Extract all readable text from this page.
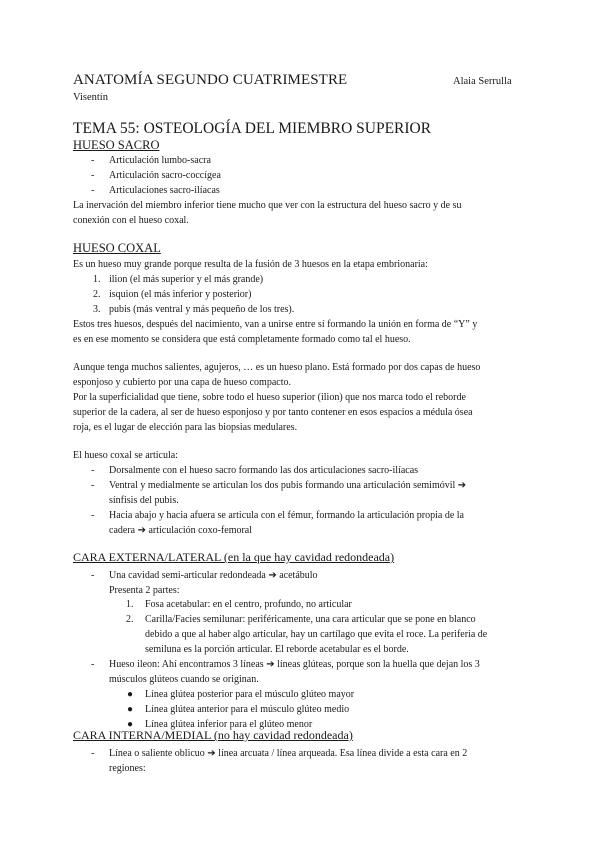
ANATOMÍA SEGUNDO CUATRIMESTRE	Alaia Serrulla
Visentín
TEMA 55: OSTEOLOGÍA DEL MIEMBRO SUPERIOR
HUESO SACRO
- Articulación lumbo-sacra
- Articulación sacro-coccígea
- Articulaciones sacro-ilíacas
La inervación del miembro inferior tiene mucho que ver con la estructura del hueso sacro y de su
conexión con el hueso coxal.
HUESO COXAL
Es un hueso muy grande porque resulta de la fusión de 3 huesos en la etapa embrionaria:
1. ilion (el más superior y el más grande)
2. isquion (el más inferior y posterior)
3. pubis (más ventral y más pequeño de los tres).
Estos tres huesos, después del nacimiento, van a unirse entre sí formando la unión en forma de “Y” y
es en ese momento se considera que está completamente formado como tal el hueso.
Aunque tenga muchos salientes, agujeros, … es un hueso plano. Está formado por dos capas de hueso
esponjoso y cubierto por una capa de hueso compacto.
Por la superficialidad que tiene, sobre todo el hueso superior (ilion) que nos marca todo el reborde
superior de la cadera, al ser de hueso esponjoso y por tanto contener en esos espacios a médula ósea
roja, es el lugar de elección para las biopsias medulares.
El hueso coxal se articula:
- Dorsalmente con el hueso sacro formando las dos articulaciones sacro-ilíacas
- Ventral y medialmente se articulan los dos pubis formando una articulación semimóvil ➔
sínfisis del pubis.
- Hacia abajo y hacia afuera se articula con el fémur, formando la articulación propia de la
cadera ➔ articulación coxo-femoral
CARA EXTERNA/LATERAL (en la que hay cavidad redondeada)
- Una cavidad semi-articular redondeada ➔ acetábulo
Presenta 2 partes:
1. Fosa acetabular: en el centro, profundo, no articular
2. Carilla/Facies semilunar: periféricamente, una cara articular que se pone en blanco
debido a que al haber algo articular, hay un cartílago que evita el roce. La periferia de
semiluna es la porción articular. El reborde acetabular es el borde.
- Hueso ileon: Ahí encontramos 3 líneas ➔ líneas glúteas, porque son la huella que dejan los 3
músculos glúteos cuando se originan.
● Línea glútea posterior para el músculo glúteo mayor
● Línea glútea anterior para el músculo glúteo medio
● Línea glútea inferior para el glúteo menor
CARA INTERNA/MEDIAL (no hay cavidad redondeada)
- Línea o saliente oblicuo ➔ línea arcuata / línea arqueada. Esa línea divide a esta cara en 2
regiones:
